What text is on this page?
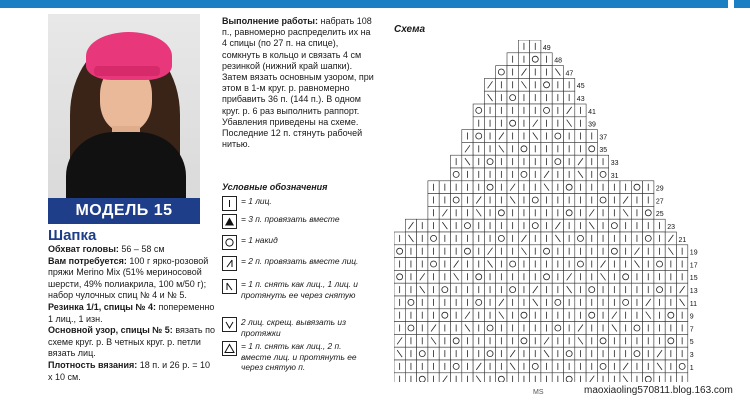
МОДЕЛЬ 15
Шапка

Обхват головы: 56 – 58 см

Вам потребуется: 100 г ярко-розовой пряжи Merino Mix (51% мериносовой шерсти, 49% полиакрила, 100 м/50 г); набор чулочных спиц № 4 и № 5.

Резинка 1/1, спицы № 4: попеременно 1 лиц., 1 изн.

Основной узор, спицы № 5: вязать по схеме круг. р. В четных круг. р. петли вязать лиц.

Плотность вязания: 18 п. и 26 р. = 10 x 10 см.

Выполнение работы: набрать 108 п., равномерно распределить их на 4 спицы (по 27 п. на спице), сомкнуть в кольцо и связать 4 см резинкой (нижний край шапки). Затем вязать основным узором, при этом в 1-м круг. р. равномерно прибавить 36 п. (144 п.). В одном круг. р. 6 раз выполнить раппорт. Убавления приведены на схеме. Последние 12 п. стянуть рабочей нитью.
Условные обозначения
= 1 лиц.
= 3 п. провязать вместе
= 1 накид
= 2 п. провязать вместе лиц.
= 1 п. снять как лиц., 1 лиц. и протянуть ее через снятую
2 лиц. скрещ. вывязать из протяжки
= 1 п. снять как лиц., 2 п. вместе лиц. и протянуть ее через снятую п.
Схема
49
48
47
45
43
41
39
37
35
33
31
29
27
25
23
21
19
17
15
13
11
9
7
5
3
1
MS	maoxiaoling570811.blog.163.com
